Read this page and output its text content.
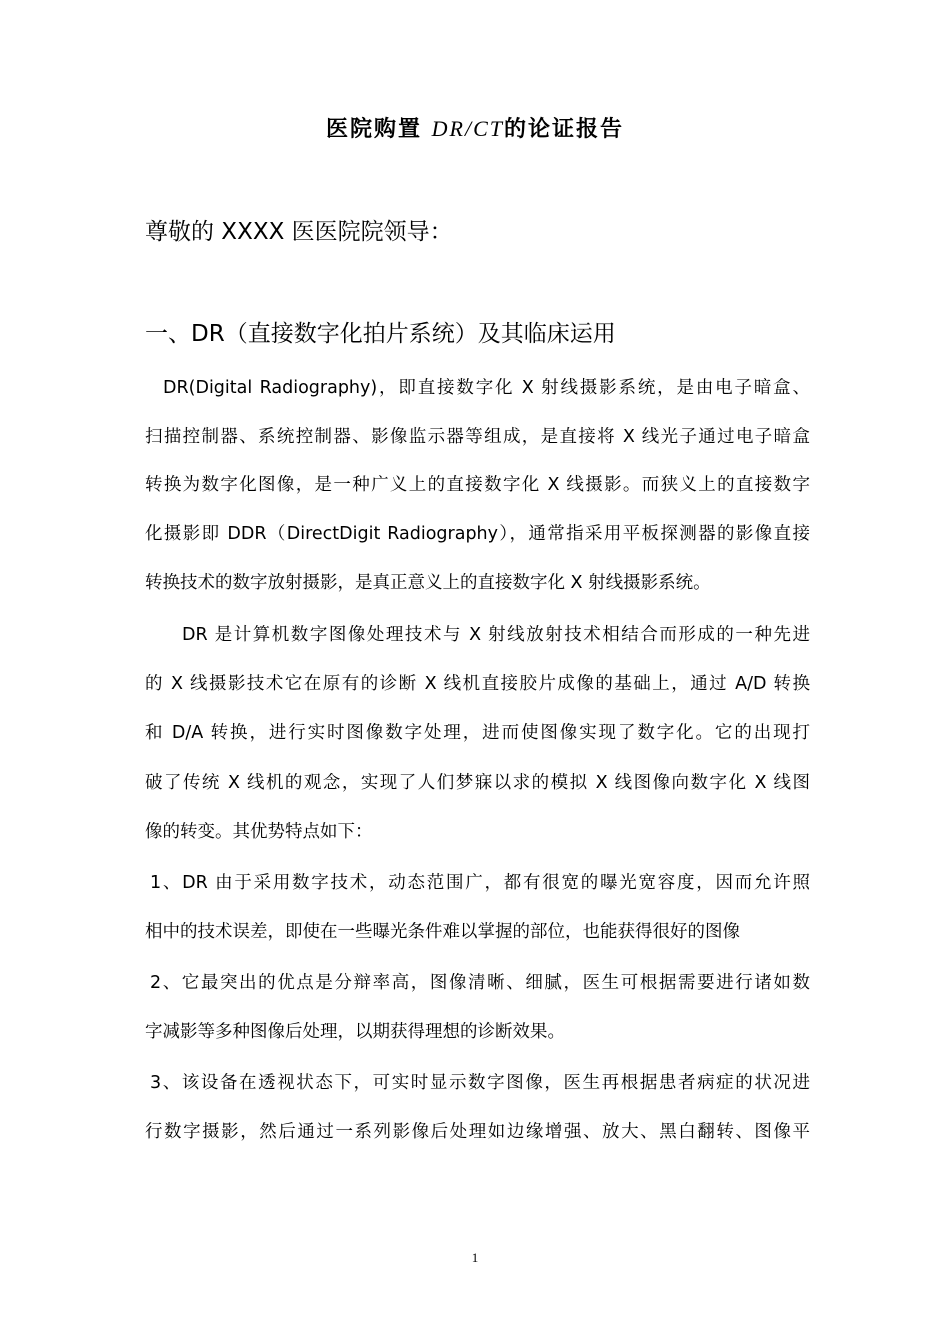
医院购置 DR/CT的论证报告
尊敬的 XXXX 医医院院领导：
一、DR（直接数字化拍片系统）及其临床运用
DR(Digital Radiography)，即直接数字化 X 射线摄影系统，是由电子暗盒、
扫描控制器、系统控制器、影像监示器等组成，是直接将 X 线光子通过电子暗盒
转换为数字化图像，是一种广义上的直接数字化 X 线摄影。而狭义上的直接数字
化摄影即 DDR（DirectDigit Radiography），通常指采用平板探测器的影像直接
转换技术的数字放射摄影，是真正意义上的直接数字化 X 射线摄影系统。
DR 是计算机数字图像处理技术与 X 射线放射技术相结合而形成的一种先进
的 X 线摄影技术它在原有的诊断 X 线机直接胶片成像的基础上，通过 A/D 转换
和 D/A 转换，进行实时图像数字处理，进而使图像实现了数字化。它的出现打
破了传统 X 线机的观念，实现了人们梦寐以求的模拟 X 线图像向数字化 X 线图
像的转变。其优势特点如下：
1、DR 由于采用数字技术，动态范围广，都有很宽的曝光宽容度，因而允许照
相中的技术误差，即使在一些曝光条件难以掌握的部位，也能获得很好的图像
2、它最突出的优点是分辩率高，图像清晰、细腻，医生可根据需要进行诸如数
字减影等多种图像后处理，以期获得理想的诊断效果。
3、该设备在透视状态下，可实时显示数字图像，医生再根据患者病症的状况进
行数字摄影，然后通过一系列影像后处理如边缘增强、放大、黑白翻转、图像平
1
